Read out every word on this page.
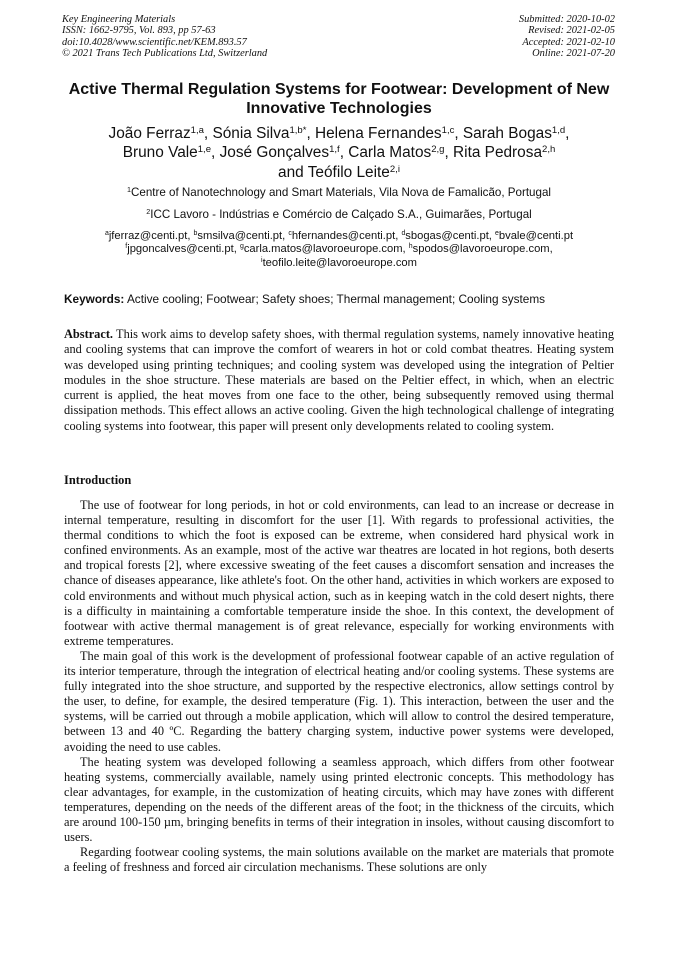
Key Engineering Materials
ISSN: 1662-9795, Vol. 893, pp 57-63
doi:10.4028/www.scientific.net/KEM.893.57
© 2021 Trans Tech Publications Ltd, Switzerland
Submitted: 2020-10-02
Revised: 2021-02-05
Accepted: 2021-02-10
Online: 2021-07-20
Active Thermal Regulation Systems for Footwear: Development of New
Innovative Technologies
João Ferraz$^{1,a}$, Sónia Silva$^{1,b*}$, Helena Fernandes$^{1,c}$, Sarah Bogas$^{1,d}$,
Bruno Vale$^{1,e}$, José Gonçalves$^{1,f}$, Carla Matos$^{2,g}$, Rita Pedrosa$^{2,h}$
and Teófilo Leite$^{2,i}$
$^1$Centre of Nanotechnology and Smart Materials, Vila Nova de Famalicão, Portugal
$^2$ICC Lavoro - Indústrias e Comércio de Calçado S.A., Guimarães, Portugal
$^a$jferraz@centi.pt, $^b$smsilva@centi.pt, $^c$hfernandes@centi.pt, $^d$sbogas@centi.pt, $^e$bvale@centi.pt
$^f$jpgoncalves@centi.pt, $^g$carla.matos@lavoroeurope.com, $^h$spodos@lavoroeurope.com,
$^i$teofilo.leite@lavoroeurope.com
Keywords: Active cooling; Footwear; Safety shoes; Thermal management; Cooling systems
Abstract. This work aims to develop safety shoes, with thermal regulation systems, namely innovative heating and cooling systems that can improve the comfort of wearers in hot or cold combat theatres. Heating system was developed using printing techniques; and cooling system was developed using the integration of Peltier modules in the shoe structure. These materials are based on the Peltier effect, in which, when an electric current is applied, the heat moves from one face to the other, being subsequently removed using thermal dissipation methods. This effect allows an active cooling. Given the high technological challenge of integrating cooling systems into footwear, this paper will present only developments related to cooling system.
Introduction

The use of footwear for long periods, in hot or cold environments, can lead to an increase or decrease in internal temperature, resulting in discomfort for the user [1]. With regards to professional activities, the thermal conditions to which the foot is exposed can be extreme, when considered hard physical work in confined environments. As an example, most of the active war theatres are located in hot regions, both deserts and tropical forests [2], where excessive sweating of the feet causes a discomfort sensation and increases the chance of diseases appearance, like athlete's foot. On the other hand, activities in which workers are exposed to cold environments and without much physical action, such as in keeping watch in the cold desert nights, there is a difficulty in maintaining a comfortable temperature inside the shoe. In this context, the development of footwear with active thermal management is of great relevance, especially for working environments with extreme temperatures.

The main goal of this work is the development of professional footwear capable of an active regulation of its interior temperature, through the integration of electrical heating and/or cooling systems. These systems are fully integrated into the shoe structure, and supported by the respective electronics, allow settings control by the user, to define, for example, the desired temperature (Fig. 1). This interaction, between the user and the systems, will be carried out through a mobile application, which will allow to control the desired temperature, between 13 and 40 ºC. Regarding the battery charging system, inductive power systems were developed, avoiding the need to use cables.

The heating system was developed following a seamless approach, which differs from other footwear heating systems, commercially available, namely using printed electronic concepts. This methodology has clear advantages, for example, in the customization of heating circuits, which may have zones with different temperatures, depending on the needs of the different areas of the foot; in the thickness of the circuits, which are around 100-150 µm, bringing benefits in terms of their integration in insoles, without causing discomfort to users.

Regarding footwear cooling systems, the main solutions available on the market are materials that promote a feeling of freshness and forced air circulation mechanisms. These solutions are only
